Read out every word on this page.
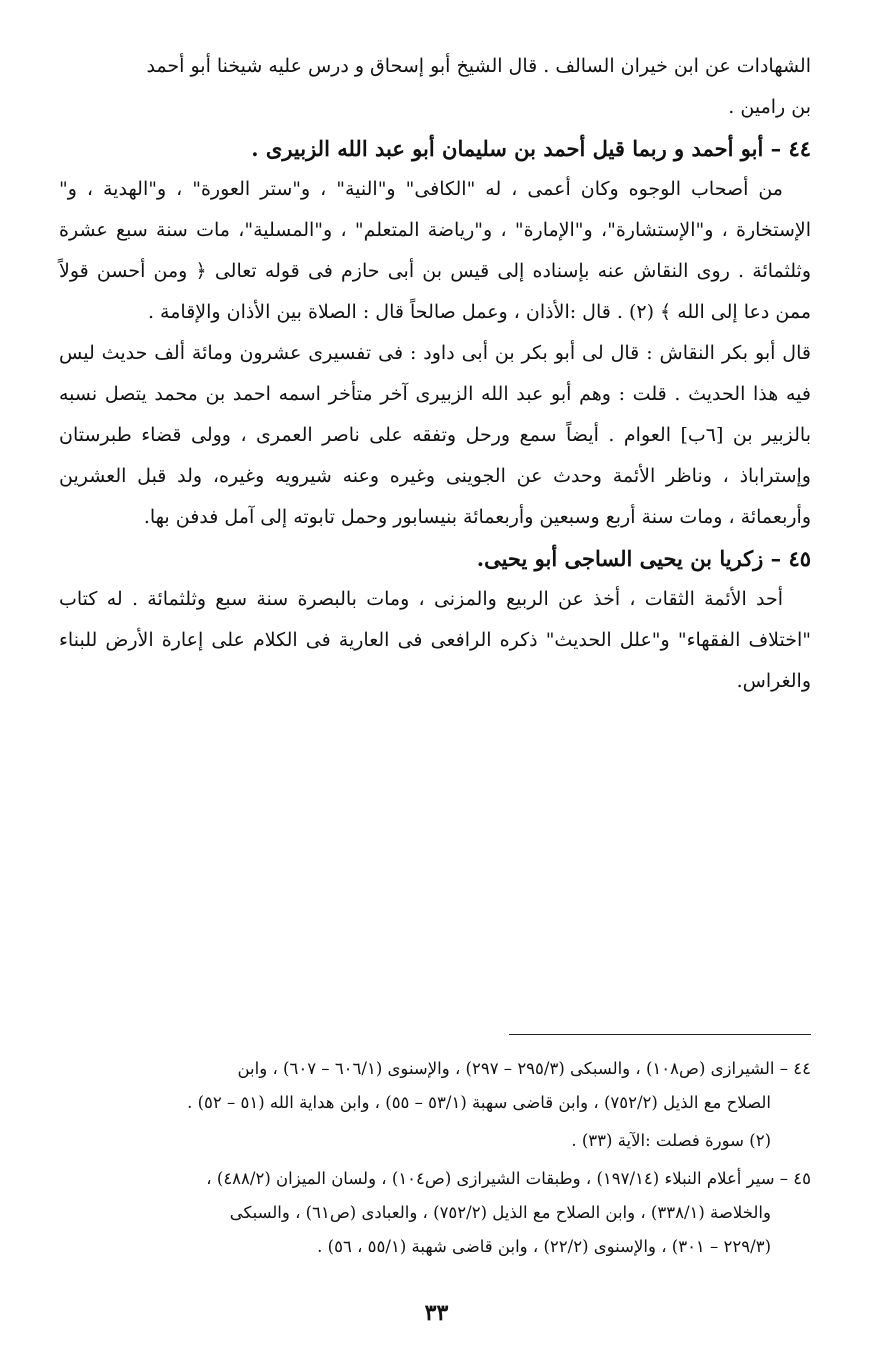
الشهادات عن ابن خيران السالف . قال الشيخ أبو إسحاق و درس عليه شيخنا أبو أحمد

بن رامين .

٤٤ – أبو أحمد و ربما قيل أحمد بن سليمان أبو عبد الله الزبيرى .

من أصحاب الوجوه وكان أعمى ، له "الكافى" و"النية" ، و"ستر العورة" ، و"الهدية ، و" الإستخارة ، و"الإستشارة"، و"الإمارة" ، و"رياضة المتعلم" ، و"المسلية"، مات سنة سبع عشرة وثلثمائة . روى النقاش عنه بإسناده إلى قيس بن أبى حازم فى قوله تعالى ﴿ ومن أحسن قولاً ممن دعا إلى الله ﴾ (٢) . قال :الأذان ، وعمل صالحاً قال : الصلاة بين الأذان والإقامة .

قال أبو بكر النقاش : قال لى أبو بكر بن أبى داود : فى تفسيرى عشرون ومائة ألف حديث ليس فيه هذا الحديث . قلت : وهم أبو عبد الله الزبيرى آخر متأخر اسمه احمد بن محمد يتصل نسبه بالزبير بن [٦ب] العوام . أيضاً سمع ورحل وتفقه على ناصر العمرى ، وولى قضاء طبرستان وإستراباذ ، وناظر الأئمة وحدث عن الجوينى وغيره وعنه شيرويه وغيره، ولد قبل العشرين وأربعمائة ، ومات سنة أربع وسبعين وأربعمائة بنيسابور وحمل تابوته إلى آمل فدفن بها.

٤٥ – زكريا بن يحيى الساجى أبو يحيى.

أحد الأئمة الثقات ، أخذ عن الربيع والمزنى ، ومات بالبصرة سنة سبع وثلثمائة . له كتاب "اختلاف الفقهاء" و"علل الحديث" ذكره الرافعى فى العارية فى الكلام على إعارة الأرض للبناء والغراس.

٤٤ – الشيرازى (ص١٠٨) ، والسبكى (٢٩٥/٣ – ٢٩٧) ، والإسنوى (٦٠٦/١ – ٦٠٧) ، وابن
الصلاح مع الذيل (٧٥٢/٢) ، وابن قاضى سهبة (٥٣/١ – ٥٥) ، وابن هداية الله (٥١ – ٥٢) .

(٢) سورة فصلت :الآية (٣٣) .

٤٥ – سير أعلام النبلاء (١٩٧/١٤) ، وطبقات الشيرازى (ص١٠٤) ، ولسان الميزان (٤٨٨/٢) ،
والخلاصة (٣٣٨/١) ، وابن الصلاح مع الذيل (٧٥٢/٢) ، والعبادى (ص٦١) ، والسبكى
(٢٢٩/٣ – ٣٠١) ، والإسنوى (٢٢/٢) ، وابن قاضى شهبة (٥٥/١ ، ٥٦) .

٣٣
